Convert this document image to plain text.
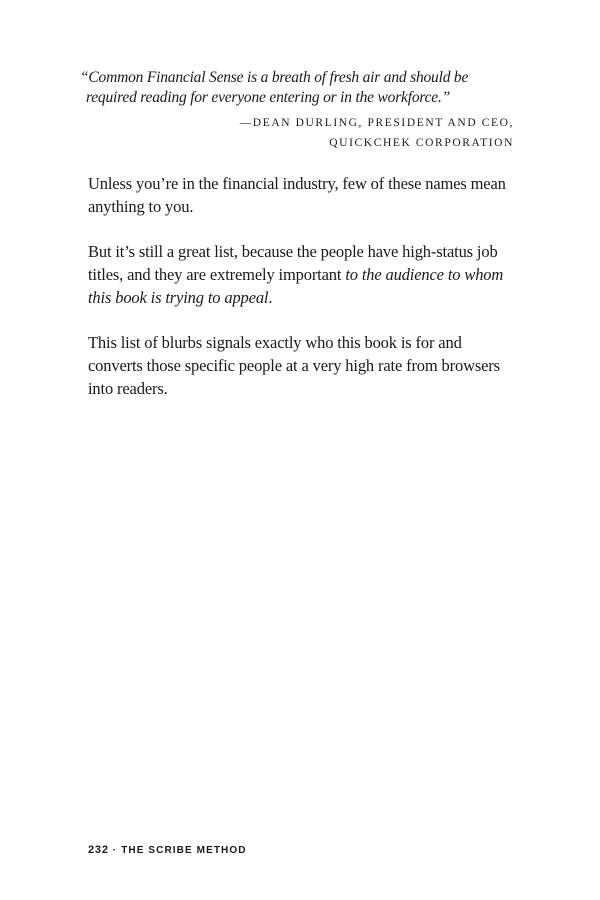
“Common Financial Sense is a breath of fresh air and should be required reading for everyone entering or in the workforce.”

—DEAN DURLING, PRESIDENT AND CEO,
QUICKCHEK CORPORATION

Unless you’re in the financial industry, few of these names mean anything to you.

But it’s still a great list, because the people have high-status job titles, and they are extremely important to the audience to whom this book is trying to appeal.

This list of blurbs signals exactly who this book is for and converts those specific people at a very high rate from browsers into readers.

232 · THE SCRIBE METHOD
